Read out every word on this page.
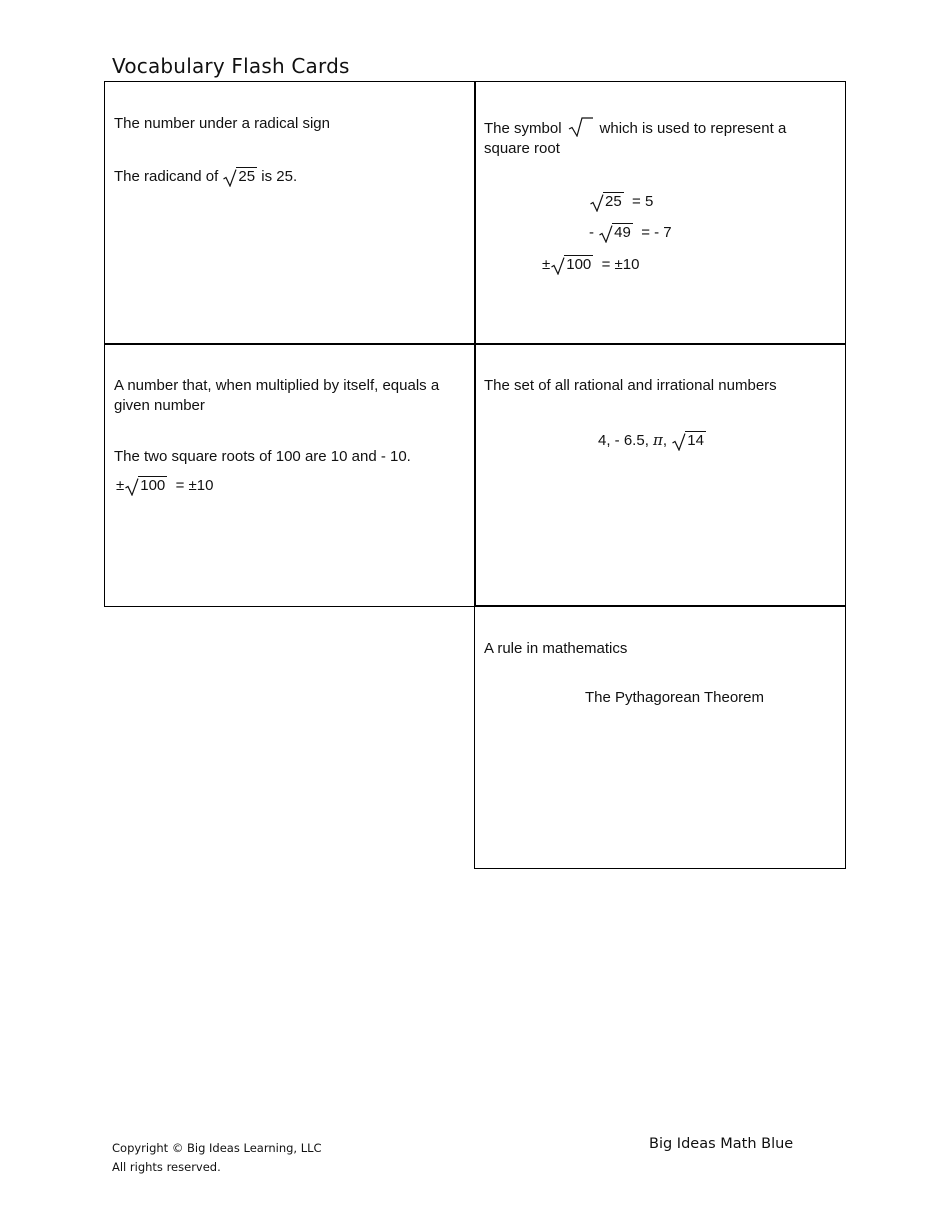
Vocabulary Flash Cards
The number under a radical sign
The radicand of 25 is 25.
The symbol	which is used to represent a square root
25 = 5
-
49 = - 7
± 100 = ±10
A number that, when multiplied by itself, equals a given number
The two square roots of 100 are 10 and - 10.
± 100 = ±10
The set of all rational and irrational numbers
4, - 6.5, π, 14
A rule in mathematics
The Pythagorean Theorem
Copyright © Big Ideas Learning, LLC
All rights reserved.
Big Ideas Math Blue
